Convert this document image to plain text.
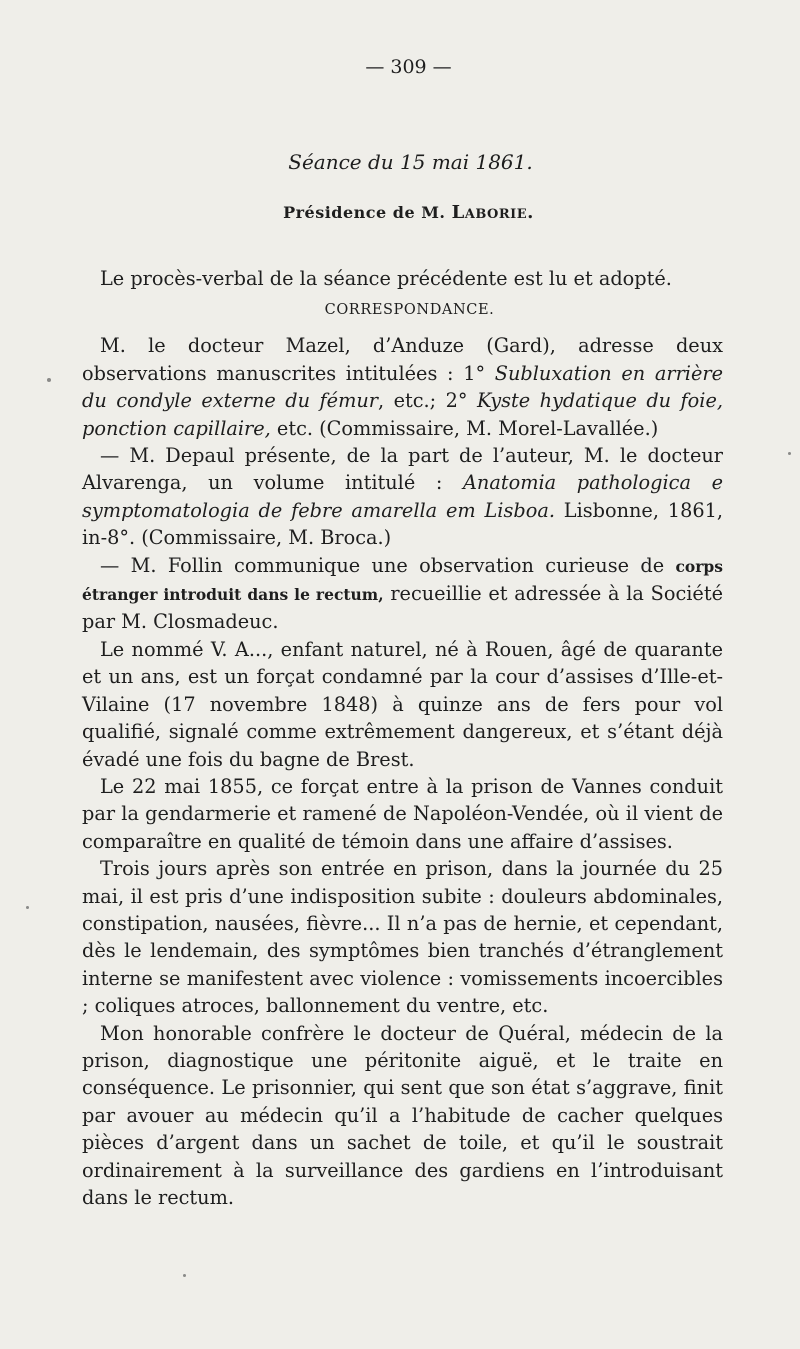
— 309 —
Séance du 15 mai 1861.
Présidence de M. Laborie.

Le procès-verbal de la séance précédente est lu et adopté.

CORRESPONDANCE.

M. le docteur Mazel, d’Anduze (Gard), adresse deux observations manuscrites intitulées : 1° Subluxation en arrière du condyle externe du fémur, etc.; 2° Kyste hydatique du foie, ponction capillaire, etc. (Commissaire, M. Morel-Lavallée.)

— M. Depaul présente, de la part de l’auteur, M. le docteur Alvarenga, un volume intitulé : Anatomia pathologica e symptomatologia de febre amarella em Lisboa. Lisbonne, 1861, in-8°. (Commissaire, M. Broca.)

— M. Follin communique une observation curieuse de corps étranger introduit dans le rectum, recueillie et adressée à la Société par M. Closmadeuc.

Le nommé V. A..., enfant naturel, né à Rouen, âgé de quarante et un ans, est un forçat condamné par la cour d’assises d’Ille-et-Vilaine (17 novembre 1848) à quinze ans de fers pour vol qualifié, signalé comme extrêmement dangereux, et s’étant déjà évadé une fois du bagne de Brest.

Le 22 mai 1855, ce forçat entre à la prison de Vannes conduit par la gendarmerie et ramené de Napoléon-Vendée, où il vient de comparaître en qualité de témoin dans une affaire d’assises.

Trois jours après son entrée en prison, dans la journée du 25 mai, il est pris d’une indisposition subite : douleurs abdominales, constipation, nausées, fièvre... Il n’a pas de hernie, et cependant, dès le lendemain, des symptômes bien tranchés d’étranglement interne se manifestent avec violence : vomissements incoercibles ; coliques atroces, ballonnement du ventre, etc.

Mon honorable confrère le docteur de Quéral, médecin de la prison, diagnostique une péritonite aiguë, et le traite en conséquence. Le prisonnier, qui sent que son état s’aggrave, finit par avouer au médecin qu’il a l’habitude de cacher quelques pièces d’argent dans un sachet de toile, et qu’il le soustrait ordinairement à la surveillance des gardiens en l’introduisant dans le rectum.
